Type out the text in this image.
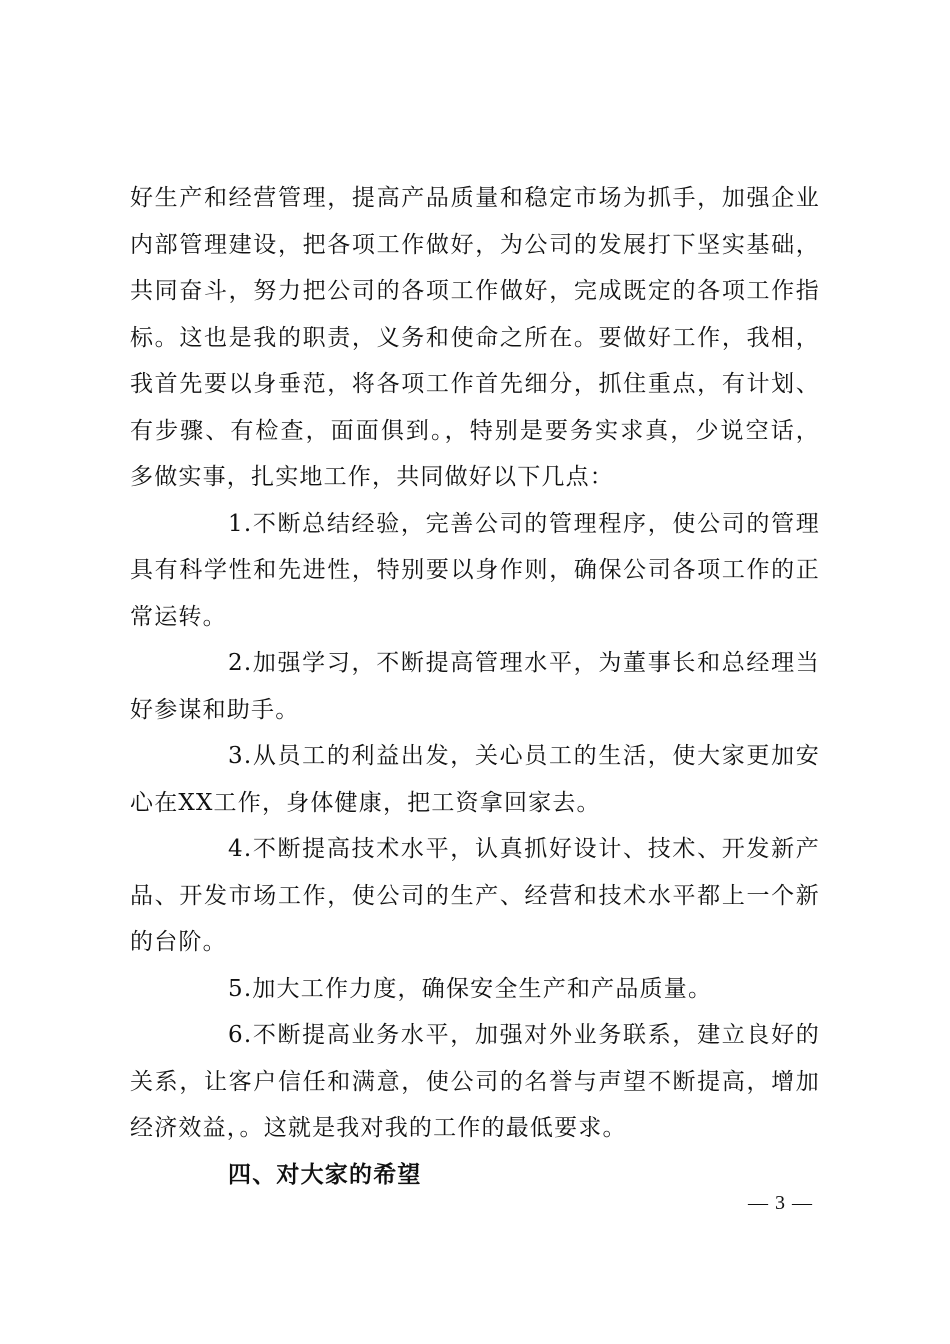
好生产和经营管理，提高产品质量和稳定市场为抓手，加强企业内部管理建设，把各项工作做好，为公司的发展打下坚实基础，共同奋斗，努力把公司的各项工作做好，完成既定的各项工作指标。这也是我的职责，义务和使命之所在。要做好工作，我相，我首先要以身垂范，将各项工作首先细分，抓住重点，有计划、有步骤、有检查，面面俱到。，特别是要务实求真，少说空话，多做实事，扎实地工作，共同做好以下几点：

1.不断总结经验，完善公司的管理程序，使公司的管理具有科学性和先进性，特别要以身作则，确保公司各项工作的正常运转。

2.加强学习，不断提高管理水平，为董事长和总经理当好参谋和助手。

3.从员工的利益出发，关心员工的生活，使大家更加安心在XX工作，身体健康，把工资拿回家去。

4.不断提高技术水平，认真抓好设计、技术、开发新产品、开发市场工作，使公司的生产、经营和技术水平都上一个新的台阶。

5.加大工作力度，确保安全生产和产品质量。

6.不断提高业务水平，加强对外业务联系，建立良好的关系，让客户信任和满意，使公司的名誉与声望不断提高，增加经济效益，。这就是我对我的工作的最低要求。

四、对大家的希望

— 3 —
